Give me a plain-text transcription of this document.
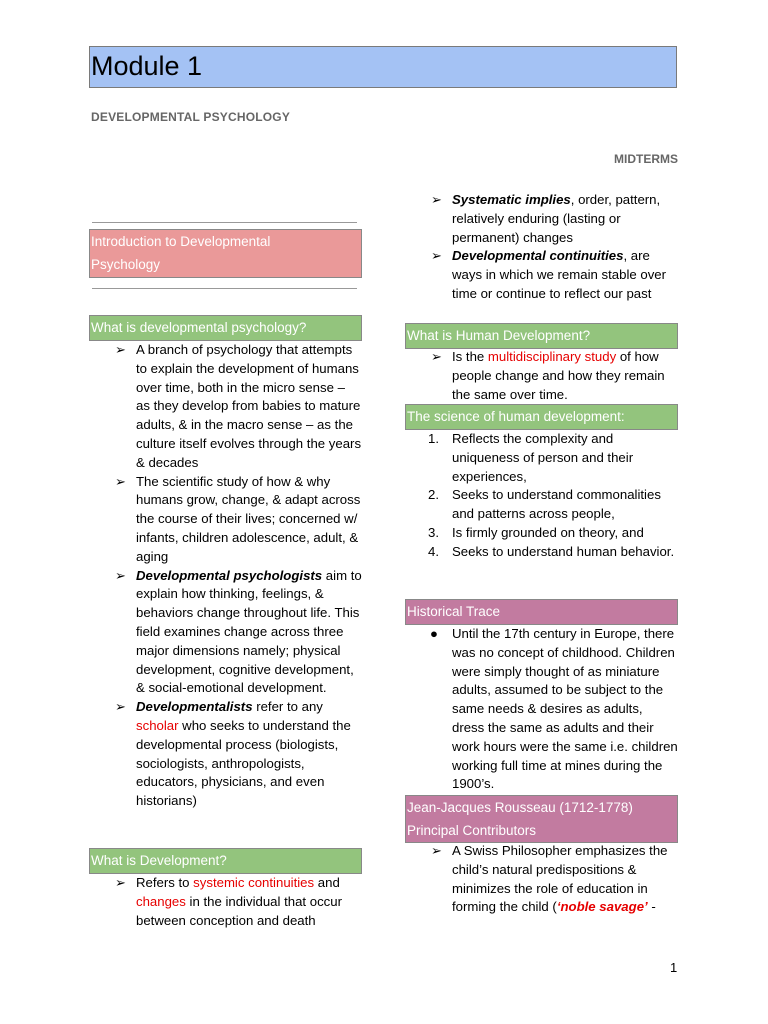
Module 1
DEVELOPMENTAL PSYCHOLOGY
MIDTERMS
Introduction to Developmental
Psychology
What is developmental psychology?
➢ A branch of psychology that attempts to explain the development of humans over time, both in the micro sense – as they develop from babies to mature adults, & in the macro sense – as the culture itself evolves through the years & decades
➢ The scientific study of how & why humans grow, change, & adapt across the course of their lives; concerned w/ infants, children adolescence, adult, & aging
➢ Developmental psychologists aim to explain how thinking, feelings, & behaviors change throughout life. This field examines change across three major dimensions namely; physical development, cognitive development, & social-emotional development.
➢ Developmentalists refer to any scholar who seeks to understand the developmental process (biologists, sociologists, anthropologists, educators, physicians, and even historians)
What is Development?
➢ Refers to systemic continuities and changes in the individual that occur between conception and death
➢ Systematic implies, order, pattern, relatively enduring (lasting or permanent) changes
➢ Developmental continuities, are ways in which we remain stable over time or continue to reflect our past
What is Human Development?
➢ Is the multidisciplinary study of how people change and how they remain the same over time.
The science of human development:
1. Reflects the complexity and uniqueness of person and their experiences,
2. Seeks to understand commonalities and patterns across people,
3. Is firmly grounded on theory, and
4. Seeks to understand human behavior.
Historical Trace
● Until the 17th century in Europe, there was no concept of childhood. Children were simply thought of as miniature adults, assumed to be subject to the same needs & desires as adults, dress the same as adults and their work hours were the same i.e. children working full time at mines during the 1900’s.
Jean-Jacques Rousseau (1712-1778)
Principal Contributors
➢ A Swiss Philosopher emphasizes the child’s natural predispositions & minimizes the role of education in forming the child (‘noble savage’ -
1
